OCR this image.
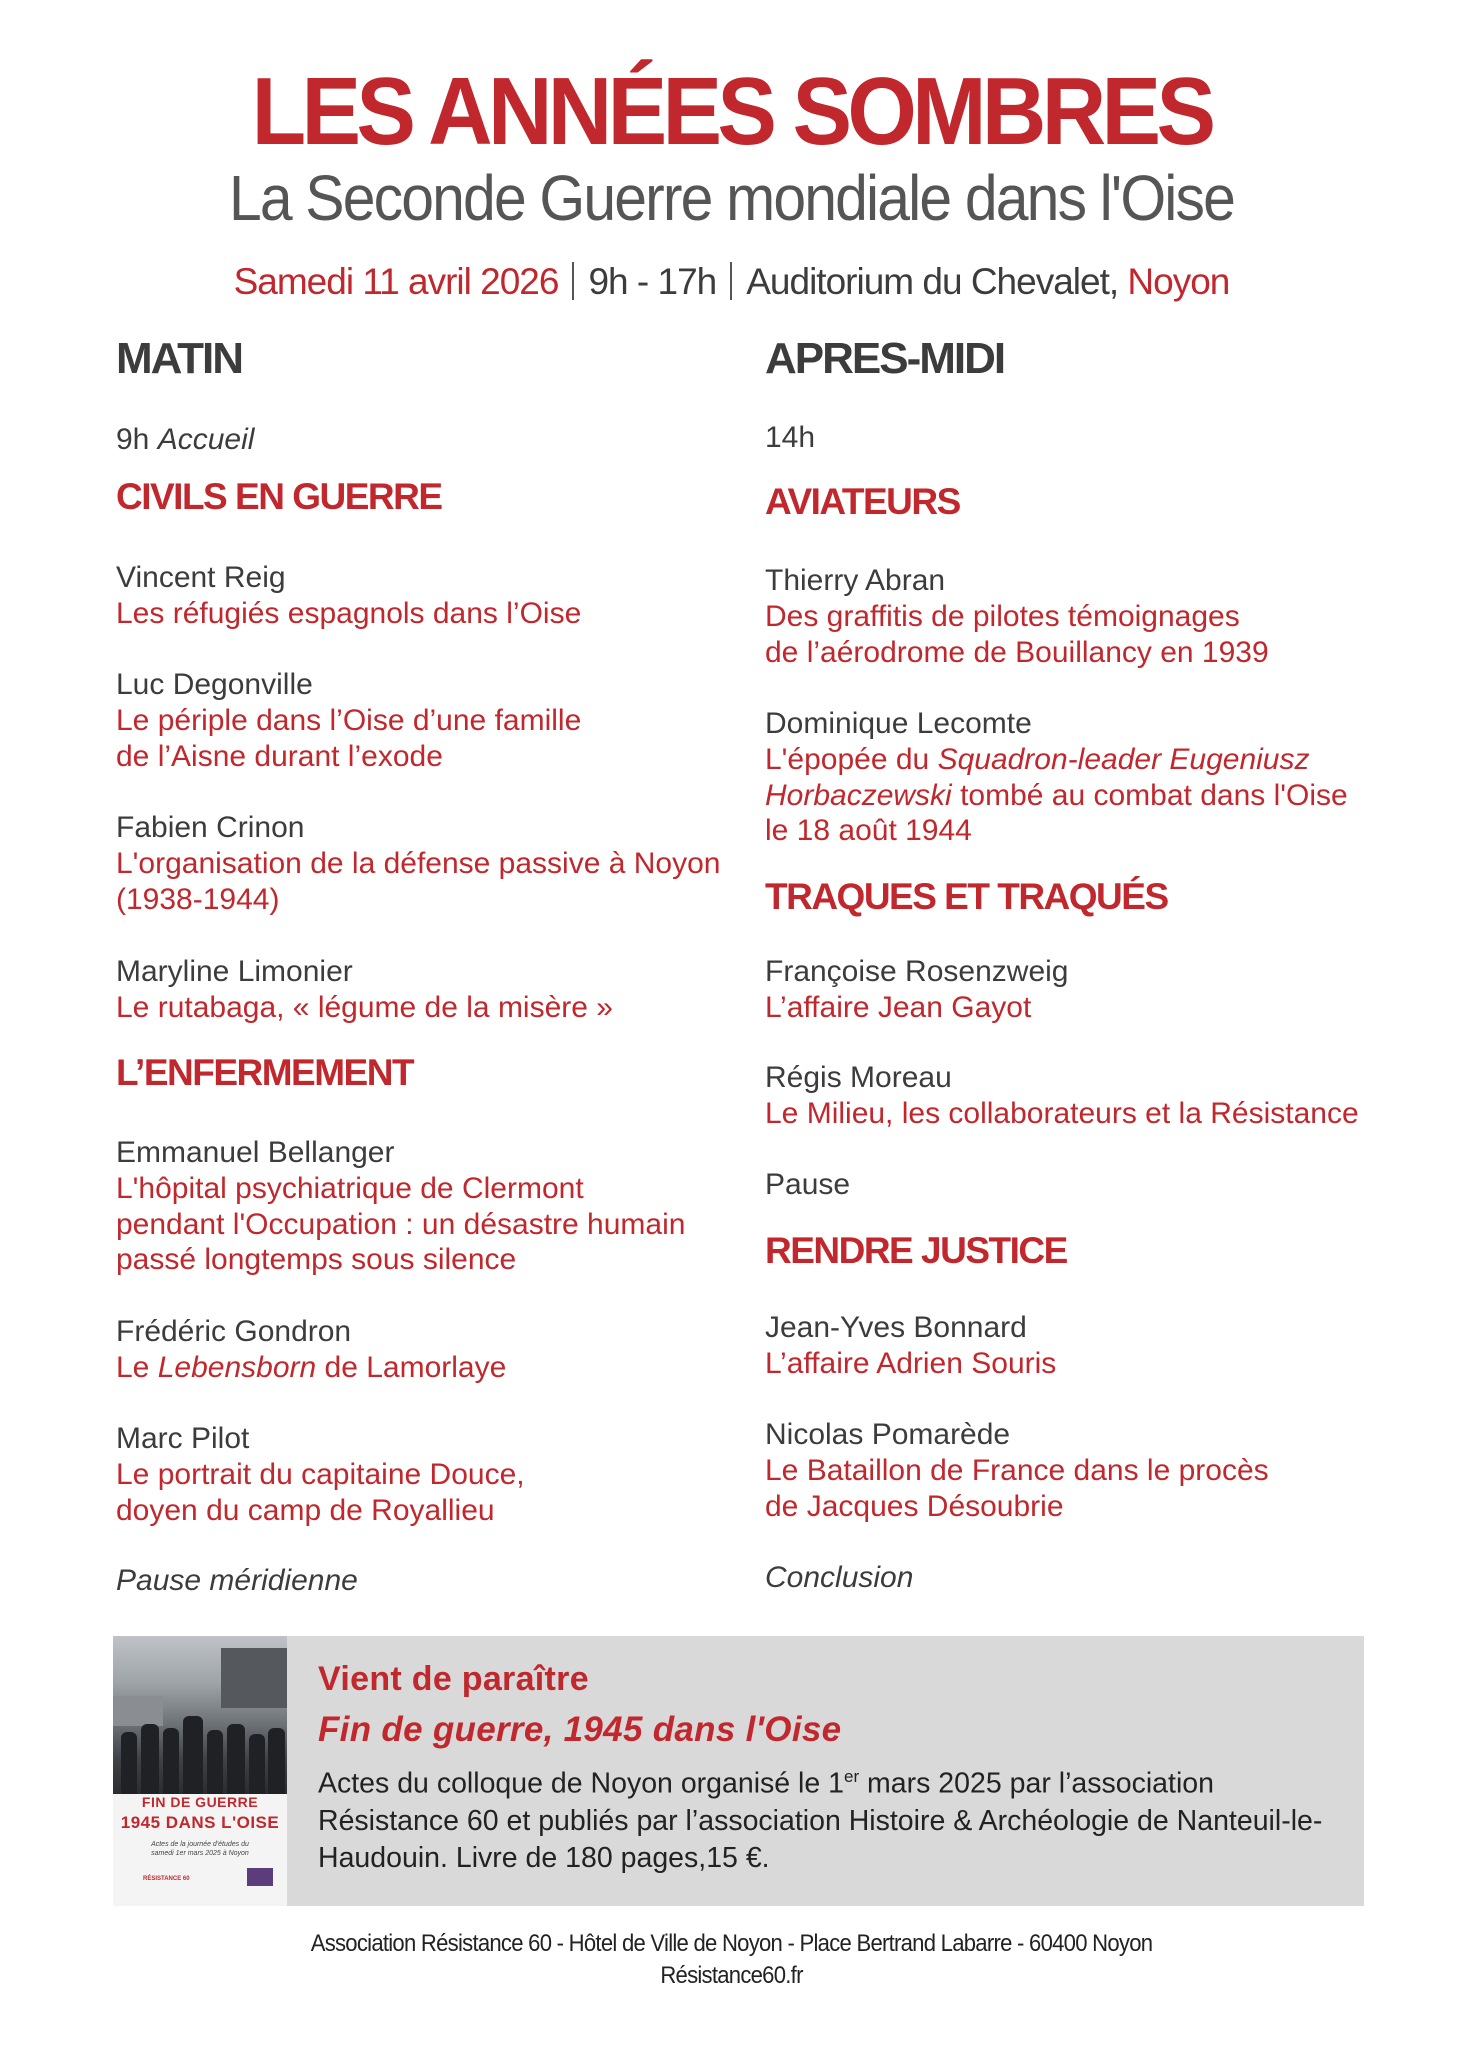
LES ANNÉES SOMBRES
La Seconde Guerre mondiale dans l'Oise
Samedi 11 avril 2026 9h - 17h Auditorium du Chevalet, Noyon
MATIN
9h Accueil
CIVILS EN GUERRE
Vincent Reig
Les réfugiés espagnols dans l’Oise
Luc Degonville
Le périple dans l’Oise d’une famille
de l’Aisne durant l’exode
Fabien Crinon
L'organisation de la défense passive à Noyon
(1938-1944)
Maryline Limonier
Le rutabaga, « légume de la misère »
L’ENFERMEMENT
Emmanuel Bellanger
L'hôpital psychiatrique de Clermont
pendant l'Occupation : un désastre humain
passé longtemps sous silence
Frédéric Gondron
Le Lebensborn de Lamorlaye
Marc Pilot
Le portrait du capitaine Douce,
doyen du camp de Royallieu
Pause méridienne
APRES-MIDI
14h
AVIATEURS
Thierry Abran
Des graffitis de pilotes témoignages
de l’aérodrome de Bouillancy en 1939
Dominique Lecomte
L'épopée du Squadron-leader Eugeniusz
Horbaczewski tombé au combat dans l'Oise
le 18 août 1944
TRAQUES ET TRAQUÉS
Françoise Rosenzweig
L’affaire Jean Gayot
Régis Moreau
Le Milieu, les collaborateurs et la Résistance
Pause
RENDRE JUSTICE
Jean-Yves Bonnard
L’affaire Adrien Souris
Nicolas Pomarède
Le Bataillon de France dans le procès
de Jacques Désoubrie
Conclusion
FIN DE GUERRE
1945 DANS L'OISE
Actes de la journée d'études du
samedi 1er mars 2025 à Noyon
RÉSISTANCE 60
Vient de paraître
Fin de guerre, 1945 dans l'Oise
Actes du colloque de Noyon organisé le 1er mars 2025 par l’association Résistance 60 et publiés par l’association Histoire & Archéologie de Nanteuil-le-Haudouin. Livre de 180 pages,15 €.
Association Résistance 60 - Hôtel de Ville de Noyon - Place Bertrand Labarre - 60400 Noyon
Résistance60.fr
